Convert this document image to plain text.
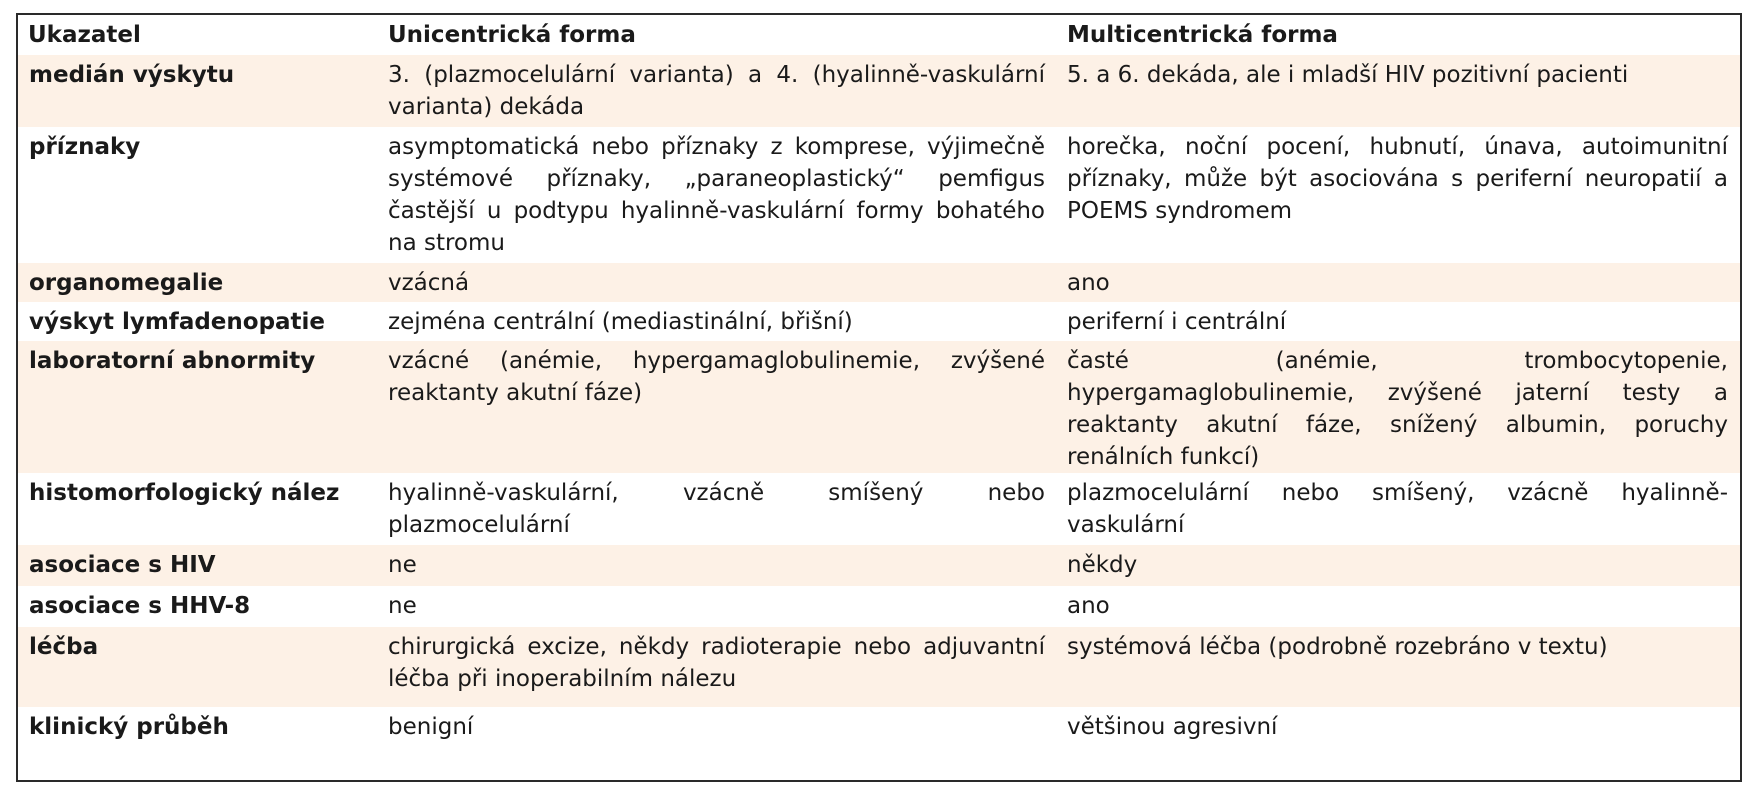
Ukazatel	Unicentrická forma	Multicentrická forma
medián výskytu	3. (plazmocelulární varianta) a 4. (hyalinně-vaskulární varianta) dekáda	5. a 6. dekáda, ale i mladší HIV pozitivní pacienti
příznaky	asymptomatická nebo příznaky z komprese, výjimečně systémové příznaky, „paraneoplastický“ pemfigus častější u podtypu hyalinně-vaskulární formy bohatého na stromu	horečka, noční pocení, hubnutí, únava, autoimunitní příznaky, může být asociována s periferní neuropatií a POEMS syndromem
organomegalie	vzácná	ano
výskyt lymfadenopatie	zejména centrální (mediastinální, břišní)	periferní i centrální
laboratorní abnormity	vzácné (anémie, hypergamaglobulinemie, zvýšené reaktanty akutní fáze)	časté (anémie, trombocytopenie, hypergamaglobulinemie, zvýšené jaterní testy a reaktanty akutní fáze, snížený albumin, poruchy renálních funkcí)
histomorfologický nález	hyalinně-vaskulární, vzácně smíšený nebo plazmocelulární	plazmocelulární nebo smíšený, vzácně hyalinně-vaskulární
asociace s HIV	ne	někdy
asociace s HHV-8	ne	ano
léčba	chirurgická excize, někdy radioterapie nebo adjuvantní léčba při inoperabilním nálezu	systémová léčba (podrobně rozebráno v textu)
klinický průběh	benigní	většinou agresivní
